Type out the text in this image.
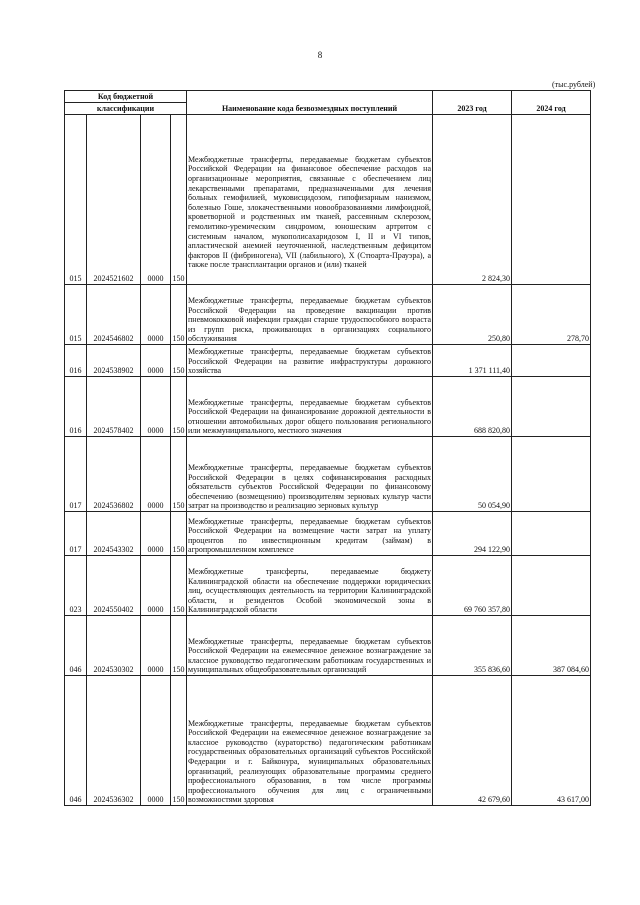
8
(тыс.рублей)
Код бюджетной				Наименование кода безвозмездных поступлений	2023 год	2024 год
классификации						
015	2024521602	0000	150	Межбюджетные трансферты, передаваемые бюджетам субъектов Российской Федерации на финансовое обеспечение расходов на организационные мероприятия, связанные с обеспечением лиц лекарственными препаратами, предназначенными для лечения больных гемофилией, муковисцидозом, гипофизарным нанизмом, болезнью Гоше, злокачественными новообразованиями лимфоидной, кроветворной и родственных им тканей, рассеянным склерозом, гемолитико-уремическим синдромом, юношеским артритом с системным началом, мукополисахаридозом I, II и VI типов, апластической анемией неуточненной, наследственным дефицитом факторов II (фибриногена), VII (лабильного), X (Стюарта-Прауэра), а также после трансплантации органов и (или) тканей	2 824,30	
015	2024546802	0000	150	Межбюджетные трансферты, передаваемые бюджетам субъектов Российской Федерации на проведение вакцинации против пневмококковой инфекции граждан старше трудоспособного возраста из групп риска, проживающих в организациях социального обслуживания	250,80	278,70
016	2024538902	0000	150	Межбюджетные трансферты, передаваемые бюджетам субъектов Российской Федерации на развитие инфраструктуры дорожного хозяйства	1 371 111,40	
016	2024578402	0000	150	Межбюджетные трансферты, передаваемые бюджетам субъектов Российской Федерации на финансирование дорожной деятельности в отношении автомобильных дорог общего пользования регионального или межмуниципального, местного значения	688 820,80	
017	2024536802	0000	150	Межбюджетные трансферты, передаваемые бюджетам субъектов Российской Федерации в целях софинансирования расходных обязательств субъектов Российской Федерации по финансовому обеспечению (возмещению) производителям зерновых культур части затрат на производство и реализацию зерновых культур	50 054,90	
017	2024543302	0000	150	Межбюджетные трансферты, передаваемые бюджетам субъектов Российской Федерации на возмещение части затрат на уплату процентов по инвестиционным кредитам (займам) в агропромышленном комплексе	294 122,90	
023	2024550402	0000	150	Межбюджетные трансферты, передаваемые бюджету Калининградской области на обеспечение поддержки юридических лиц, осуществляющих деятельность на территории Калининградской области, и резидентов Особой экономической зоны в Калининградской области	69 760 357,80	
046	2024530302	0000	150	Межбюджетные трансферты, передаваемые бюджетам субъектов Российской Федерации на ежемесячное денежное вознаграждение за классное руководство педагогическим работникам государственных и муниципальных общеобразовательных организаций	355 836,60	387 084,60
046	2024536302	0000	150	Межбюджетные трансферты, передаваемые бюджетам субъектов Российской Федерации на ежемесячное денежное вознаграждение за классное руководство (кураторство) педагогическим работникам государственных образовательных организаций субъектов Российской Федерации и г. Байконура, муниципальных образовательных организаций, реализующих образовательные программы среднего профессионального образования, в том числе программы профессионального обучения для лиц с ограниченными возможностями здоровья	42 679,60	43 617,00
